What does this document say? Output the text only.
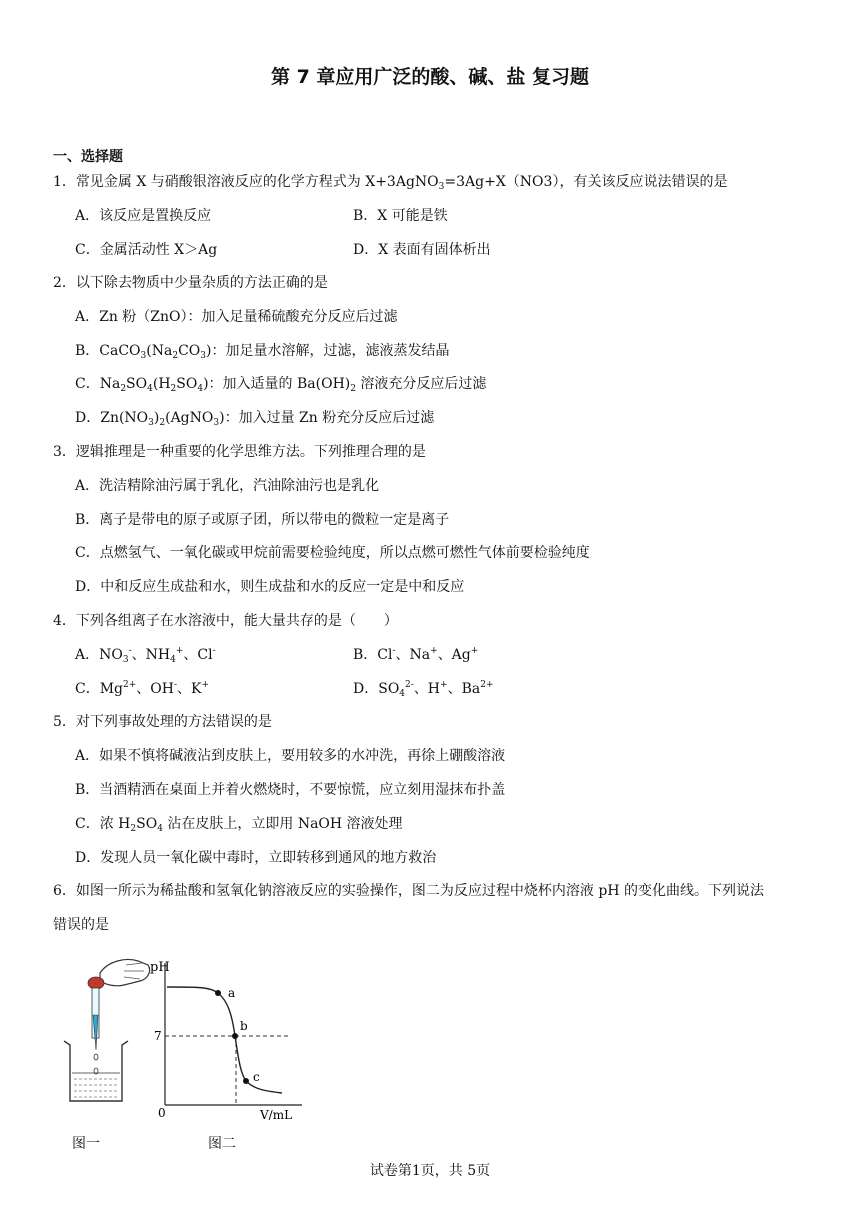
第 7 章应用广泛的酸、碱、盐 复习题
一、选择题
1．常见金属 X 与硝酸银溶液反应的化学方程式为 X+3AgNO$_3$=3Ag+X（NO3），有关该反应说法错误的是
A．该反应是置换反应	B．X 可能是铁
C．金属活动性 X＞Ag	D．X 表面有固体析出
2．以下除去物质中少量杂质的方法正确的是
A．Zn 粉（ZnO）：加入足量稀硫酸充分反应后过滤
B．$CaCO_3(Na_2CO_3)$：加足量水溶解，过滤，滤液蒸发结晶
C．$Na_2SO_4(H_2SO_4)$：加入适量的 $Ba(OH)_2$ 溶液充分反应后过滤
D．$Zn(NO_3)_2(AgNO_3)$：加入过量 Zn 粉充分反应后过滤
3．逻辑推理是一种重要的化学思维方法。下列推理合理的是
A．洗洁精除油污属于乳化，汽油除油污也是乳化
B．离子是带电的原子或原子团，所以带电的微粒一定是离子
C．点燃氢气、一氧化碳或甲烷前需要检验纯度，所以点燃可燃性气体前要检验纯度
D．中和反应生成盐和水，则生成盐和水的反应一定是中和反应
4．下列各组离子在水溶液中，能大量共存的是（　　）
A．$NO_3^-$、$NH_4^+$、Cl-	B．Cl-、Na+、Ag+
C．$Mg^{2+}$、OH-、K+	D．$SO_4^{2-}$、H+、$Ba^{2+}$
5．对下列事故处理的方法错误的是
A．如果不慎将碱液沾到皮肤上，要用较多的水冲洗，再徐上硼酸溶液
B．当酒精洒在桌面上并着火燃烧时，不要惊慌，应立刻用湿抹布扑盖
C．浓 $H_2SO_4$ 沾在皮肤上，立即用 NaOH 溶液处理
D．发现人员一氧化碳中毒时，立即转移到通风的地方救治
6．如图一所示为稀盐酸和氢氧化钠溶液反应的实验操作，图二为反应过程中烧杯内溶液 pH 的变化曲线。下列说法
错误的是
pH
V/mL
0
7
a
b
c
图一	图二
试卷第1页，共 5页
